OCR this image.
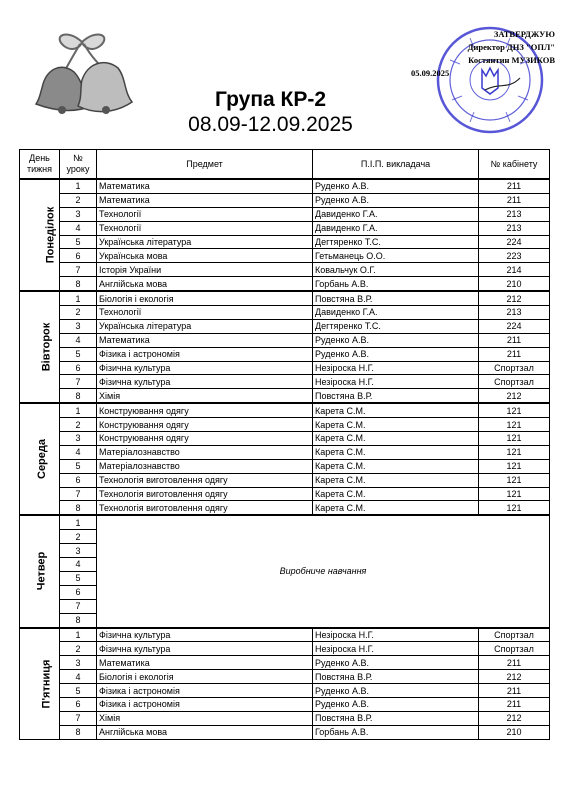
ЗАТВЕРДЖУЮ
Директор ДНЗ "ОПЛ"
Костянтин МУЗИКОВ
05.09.2025
Група КР-2
08.09-12.09.2025
День тижня	№ уроку	Предмет	П.І.П. викладача	№ кабінету
Понеділок	1	Математика	Руденко А.В.	211
	2	Математика	Руденко А.В.	211
	3	Технології	Давиденко Г.А.	213
	4	Технології	Давиденко Г.А.	213
	5	Українська література	Дегтяренко Т.С.	224
	6	Українська мова	Гетьманець О.О.	223
	7	Історія України	Ковальчук О.Г.	214
	8	Англійська мова	Горбань А.В.	210
Вівторок	1	Біологія і екологія	Повстяна В.Р.	212
	2	Технології	Давиденко Г.А.	213
	3	Українська література	Дегтяренко Т.С.	224
	4	Математика	Руденко А.В.	211
	5	Фізика і астрономія	Руденко А.В.	211
	6	Фізична культура	Незіроска Н.Г.	Спортзал
	7	Фізична культура	Незіроска Н.Г.	Спортзал
	8	Хімія	Повстяна В.Р.	212
Середа	1	Конструювання одягу	Карета С.М.	121
	2	Конструювання одягу	Карета С.М.	121
	3	Конструювання одягу	Карета С.М.	121
	4	Матеріалознавство	Карета С.М.	121
	5	Матеріалознавство	Карета С.М.	121
	6	Технологія виготовлення одягу	Карета С.М.	121
	7	Технологія виготовлення одягу	Карета С.М.	121
	8	Технологія виготовлення одягу	Карета С.М.	121
Четвер	1	Виробниче навчання		
	2			
	3			
	4			
	5			
	6			
	7			
	8			
П'ятниця	1	Фізична культура	Незіроска Н.Г.	Спортзал
	2	Фізична культура	Незіроска Н.Г.	Спортзал
	3	Математика	Руденко А.В.	211
	4	Біологія і екологія	Повстяна В.Р.	212
	5	Фізика і астрономія	Руденко А.В.	211
	6	Фізика і астрономія	Руденко А.В.	211
	7	Хімія	Повстяна В.Р.	212
	8	Англійська мова	Горбань А.В.	210
